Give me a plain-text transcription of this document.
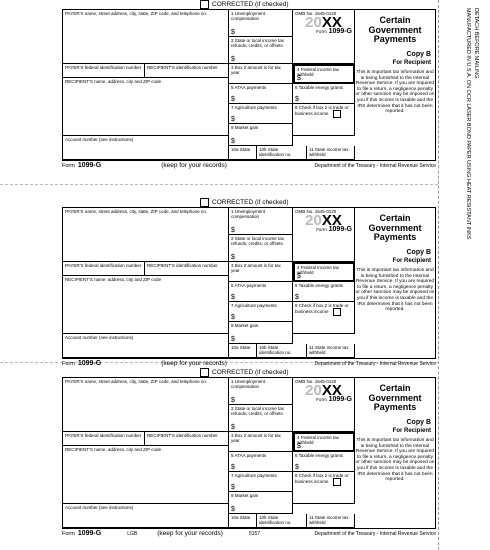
DETACH BEFORE MAILING
MANUFACTURED IN U.S.A. ON OCR LASER BOND PAPER USING HEAT RESISTANT INKS
CORRECTED (if checked)
PAYER'S name, street address, city, state, ZIP code, and telephone no.	1 Unemployment compensation
$
2 State or local income tax refunds, credits, or offsets
$
OMB No. 1545-0120
20XX
Form 1099-G
PAYER'S federal identification number	RECIPIENT'S identification number	3 Box 2 amount is for tax year
4 Federal income tax withheld
$
RECIPIENT'S name, address, city and ZIP code
5 ATAA payments
$
6 Taxable energy grants
$
7 Agriculture payments
$
8 Check if box 2 is trade or business income
9 Market gain
$
Account number (see instructions)
10a State	10b State identification no.
11 State income tax withheld
Certain Government Payments
Copy B
For Recipient
This is important tax information and is being furnished to the Internal Revenue Service. If you are required to file a return, a negligence penalty or other sanction may be imposed on you if this income is taxable and the IRS determines that it has not been reported.
Form 1099-G	(keep for your records)	Department of the Treasury - Internal Revenue Service
CORRECTED (if checked)
PAYER'S name, street address, city, state, ZIP code, and telephone no.	1 Unemployment compensation
$
2 State or local income tax refunds, credits, or offsets
$
OMB No. 1545-0120
20XX
Form 1099-G
PAYER'S federal identification number	RECIPIENT'S identification number	3 Box 2 amount is for tax year
4 Federal income tax withheld
$
RECIPIENT'S name, address, city and ZIP code
5 ATAA payments
$
6 Taxable energy grants
$
7 Agriculture payments
$
8 Check if box 2 is trade or business income
9 Market gain
$
Account number (see instructions)
10a State	10b State identification no.
11 State income tax withheld
Certain Government Payments
Copy B
For Recipient
This is important tax information and is being furnished to the Internal Revenue Service. If you are required to file a return, a negligence penalty or other sanction may be imposed on you if this income is taxable and the IRS determines that it has not been reported.
Form 1099-G	(keep for your records)	Department of the Treasury - Internal Revenue Service
CORRECTED (if checked)
PAYER'S name, street address, city, state, ZIP code, and telephone no.	1 Unemployment compensation
$
2 State or local income tax refunds, credits, or offsets
$
OMB No. 1545-0120
20XX
Form 1099-G
PAYER'S federal identification number	RECIPIENT'S identification number	3 Box 2 amount is for tax year
4 Federal income tax withheld
$
RECIPIENT'S name, address, city and ZIP code
5 ATAA payments
$
6 Taxable energy grants
$
7 Agriculture payments
$
8 Check if box 2 is trade or business income
9 Market gain
$
Account number (see instructions)
10a State	10b State identification no.
11 State income tax withheld
Certain Government Payments
Copy B
For Recipient
This is important tax information and is being furnished to the Internal Revenue Service. If you are required to file a return, a negligence penalty or other sanction may be imposed on you if this income is taxable and the IRS determines that it has not been reported.
Form 1099-G	LGB	(keep for your records)	5157	Department of the Treasury - Internal Revenue Service
